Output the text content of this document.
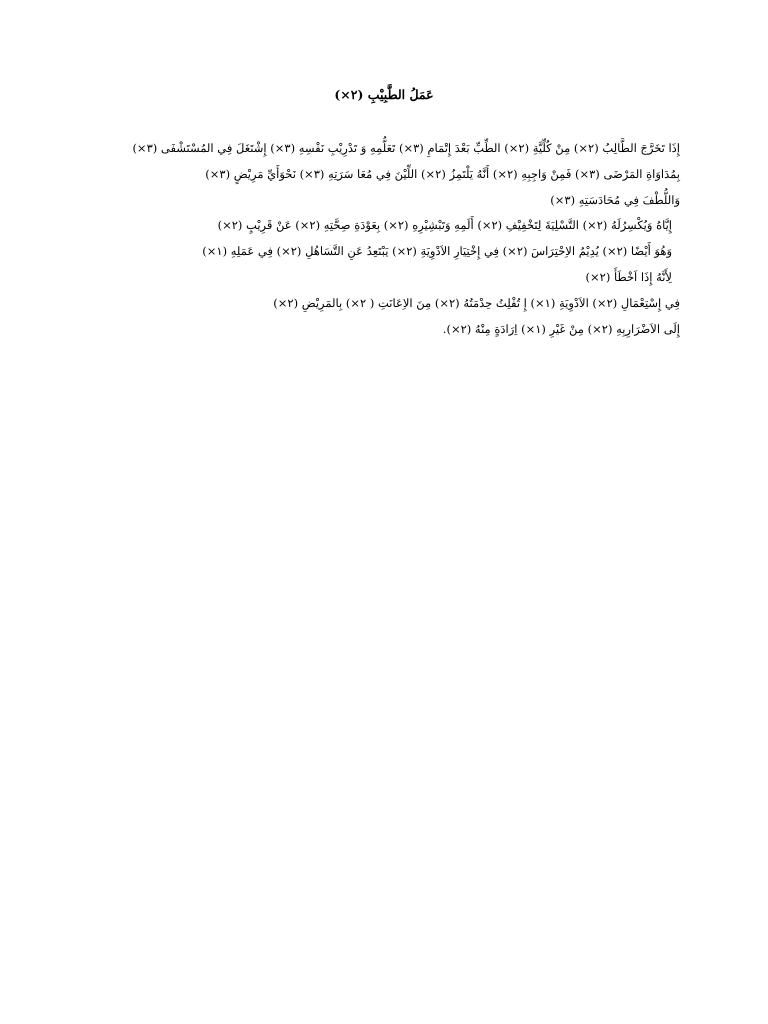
عَمَلُ الطَّبِيْبِ (٢×)
إِذَا تَخَرَّجَ الطَّالِبُ (٢×) مِنْ كُلِّيَّةِ (٢×) الطِّبِّ بَعْدَ إِتْمَامِ (٣×) تَعَلُّمِهِ وَ تَدْرِيْبِ نَفْسِهِ (٣×) إِشْتَغَلَ فِي المُسْتَشْفَى (٣×)
بِمُدَاوَاةِ المَرْضَى (٣×) فَمِنْ وَاجِبِهِ (٢×) أَنَّهُ يَلْتَمِزُ (٢×) اللِّيْنَ فِي مُعَا سَرَتِهِ (٣×) نَحْوَأَيِّ مَرِيْضٍ (٣×)
وَاللُّطْفَ فِي مُحَادَسَتِهِ (٣×)
إِيَّاهُ وَيُكْسِرُلَهُ (٢×) التَّسْلِيَةَ لِتَخْفِيْفِ (٢×) أَلَمِهِ وَتَبْشِيْرِهِ (٢×) بِعَوْدَةِ صِحَّتِهِ (٢×) عَنْ قَرِيْبٍ (٢×)
وَهُوَ أَيْضًا (٢×) يُدِيْمُ الاِحْتِرَاسَ (٢×) فِي إِخْتِيَارِ الاَدْوِيَةِ (٢×) يَبْتَعِدُ عَنِ التَّسَاهُلِ (٢×) فِي عَمَلِهِ (١×)
لِأَنَّهُ إِذَا اَخْطَأَ (٢×)
فِي إِسْتِعْمَالِ (٢×) الاَدْوِيَةِ (١×) إِ تُفْلِتُ حِدْمَتُهُ (٢×) مِنَ الاِعَانَتِ ( ٢×) بِالمَرِيْضِ (٢×)
إِلَى الاَضْرَارِبِهِ (٢×) مِنْ غَيْرِ (١×) اِرَادَةٍ مِنْهُ (٢×).
